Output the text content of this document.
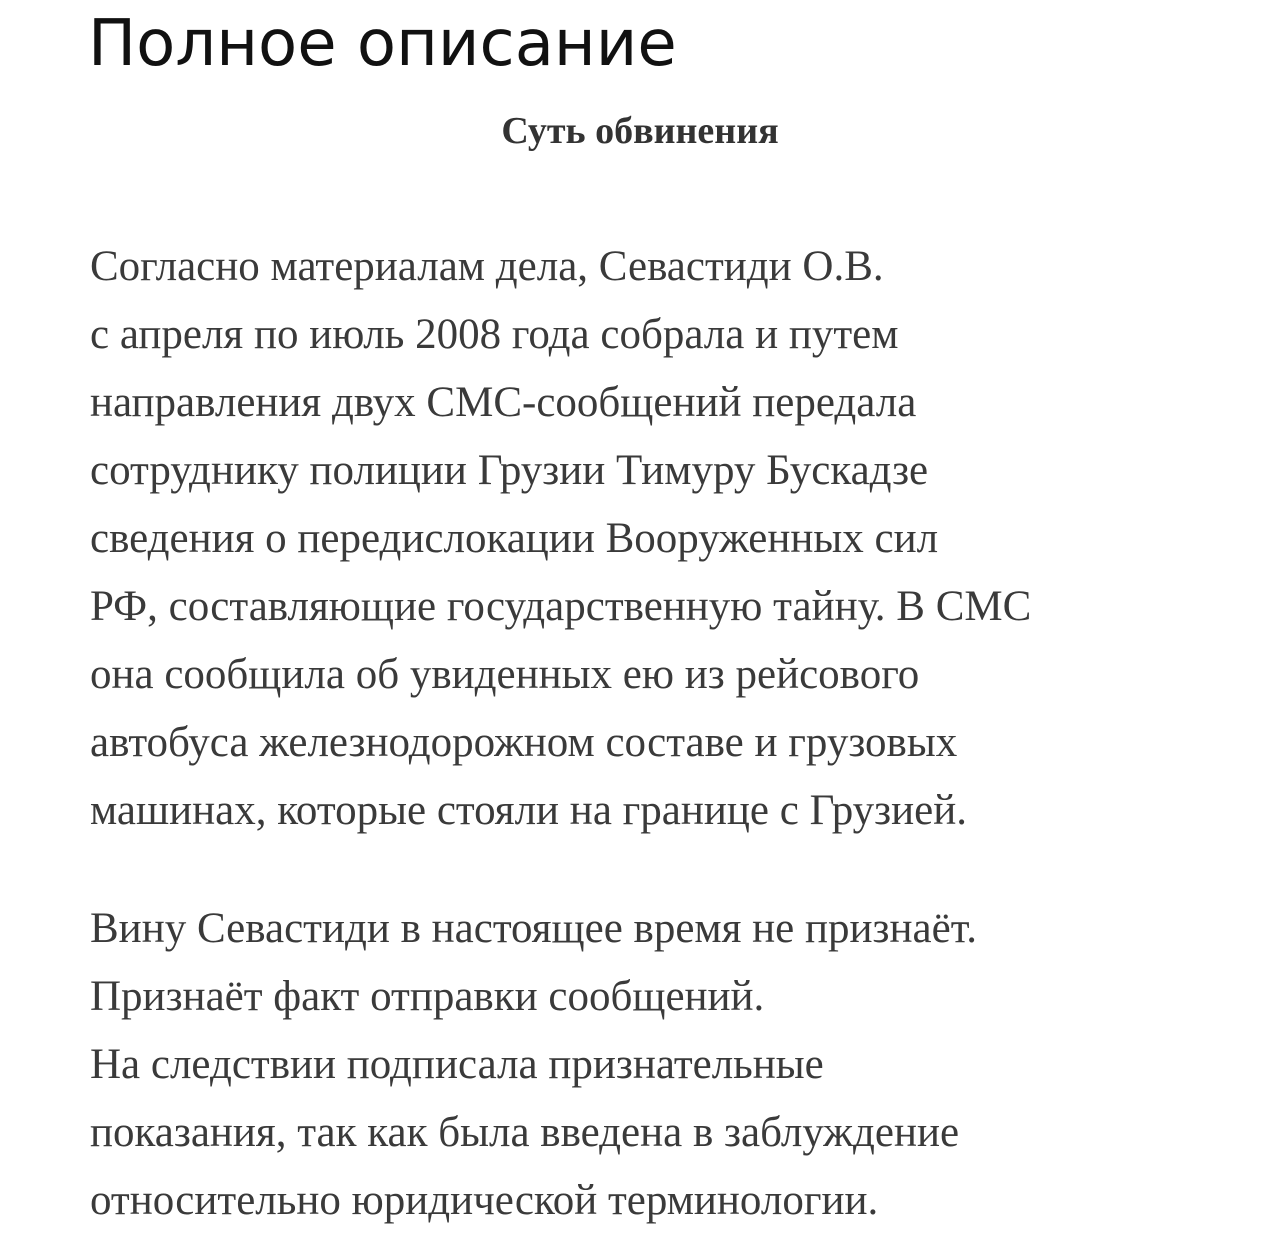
Полное описание
Суть обвинения

Согласно материалам дела, Севастиди О.В.
с апреля по июль 2008 года собрала и путем
направления двух СМС-сообщений передала
сотруднику полиции Грузии Тимуру Бускадзе
сведения о передислокации Вооруженных сил
РФ, составляющие государственную тайну. В СМС
она сообщила об увиденных ею из рейсового
автобуса железнодорожном составе и грузовых
машинах, которые стояли на границе с Грузией.

Вину Севастиди в настоящее время не признаёт.
Признаёт факт отправки сообщений.
На следствии подписала признательные
показания, так как была введена в заблуждение
относительно юридической терминологии.
